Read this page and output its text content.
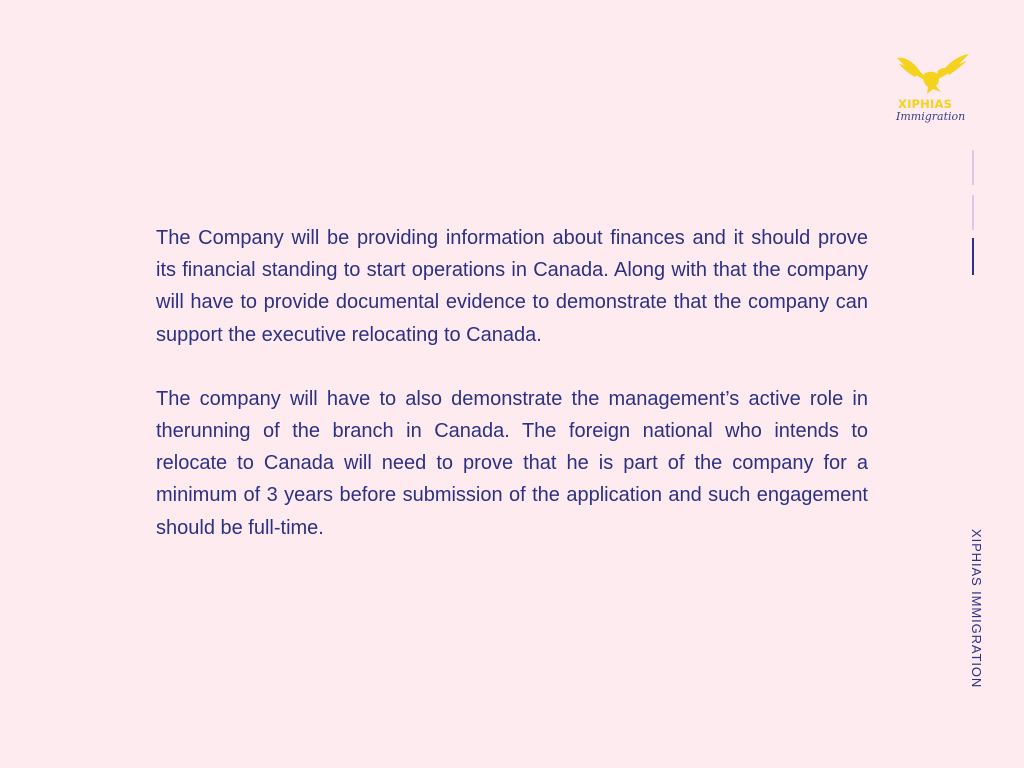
XIPHIAS
Immigration

The Company will be providing information about finances and it should prove its financial standing to start operations in Canada. Along with that the company will have to provide documental evidence to demonstrate that the company can support the executive relocating to Canada.

The company will have to also demonstrate the management’s active role in therunning of the branch in Canada. The foreign national who intends to relocate to Canada will need to prove that he is part of the company for a minimum of 3 years before submission of the application and such engagement should be full-time.

XIPHIAS IMMIGRATION
